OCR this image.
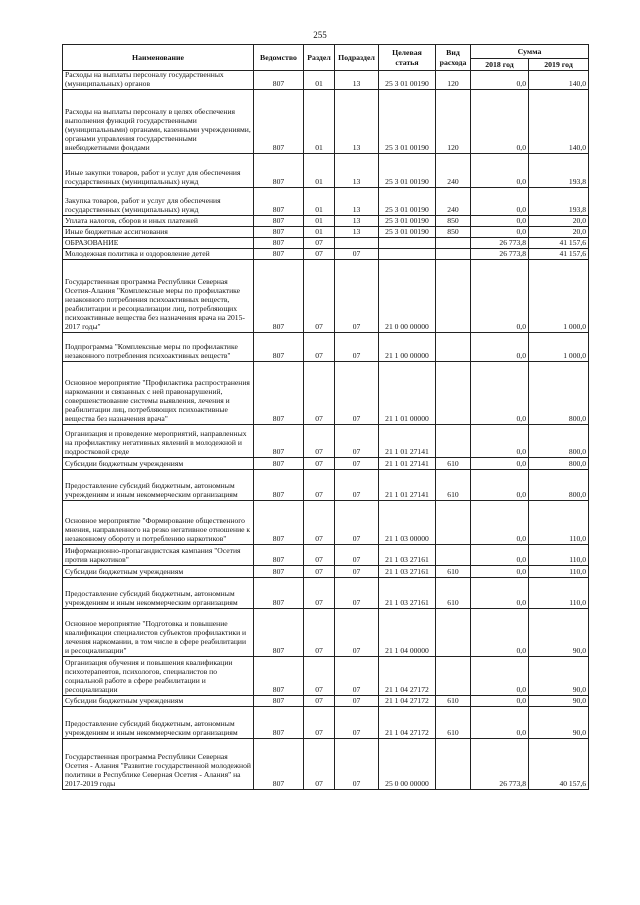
255
Наименование	Ведомство	Раздел	Подраздел	Целевая статья	Вид расхода	Сумма	
						2018 год	2019 год
Расходы на выплаты персоналу государственных (муниципальных) органов	807	01	13	25 3 01 00190	120	0,0	140,0
Расходы на выплаты персоналу в целях обеспечения выполнения функций государственными (муниципальными) органами, казенными учреждениями, органами управления государственными внебюджетными фондами	807	01	13	25 3 01 00190	120	0,0	140,0
Иные закупки товаров, работ и услуг для обеспечения государственных (муниципальных) нужд	807	01	13	25 3 01 00190	240	0,0	193,8
Закупка товаров, работ и услуг для обеспечения государственных (муниципальных) нужд	807	01	13	25 3 01 00190	240	0,0	193,8
Уплата налогов, сборов и иных платежей	807	01	13	25 3 01 00190	850	0,0	20,0
Иные бюджетные ассигнования	807	01	13	25 3 01 00190	850	0,0	20,0
ОБРАЗОВАНИЕ	807	07				26 773,8	41 157,6
Молодежная политика и оздоровление детей	807	07	07			26 773,8	41 157,6
Государственная программа Республики Северная Осетия-Алания "Комплексные меры по профилактике незаконного потребления психоактивных веществ, реабилитации и ресоциализации лиц, потребляющих психоактивные вещества без назначения врача на 2015-2017 годы"	807	07	07	21 0 00 00000		0,0	1 000,0
Подпрограмма "Комплексные меры по профилактике незаконного потребления психоактивных веществ"	807	07	07	21 1 00 00000		0,0	1 000,0
Основное мероприятие "Профилактика распространения наркомании и связанных с ней правонарушений, совершенствование системы выявления, лечения и реабилитации лиц, потребляющих психоактивные вещества без назначения врача"	807	07	07	21 1 01 00000		0,0	800,0
Организация и проведение мероприятий, направленных на профилактику негативных явлений в молодежной и подростковой среде	807	07	07	21 1 01 27141		0,0	800,0
Субсидии бюджетным учреждениям	807	07	07	21 1 01 27141	610	0,0	800,0
Предоставление субсидий бюджетным, автономным учреждениям и иным некоммерческим организациям	807	07	07	21 1 01 27141	610	0,0	800,0
Основное мероприятие "Формирование общественного мнения, направленного на резко негативное отношение к незаконному обороту и потреблению наркотиков"	807	07	07	21 1 03 00000		0,0	110,0
Информационно-пропагандистская кампания "Осетия против наркотиков"	807	07	07	21 1 03 27161		0,0	110,0
Субсидии бюджетным учреждениям	807	07	07	21 1 03 27161	610	0,0	110,0
Предоставление субсидий бюджетным, автономным учреждениям и иным некоммерческим организациям	807	07	07	21 1 03 27161	610	0,0	110,0
Основное мероприятие "Подготовка и повышение квалификации специалистов субъектов профилактики и лечения наркомании, в том числе в сфере реабилитации и ресоциализации"	807	07	07	21 1 04 00000		0,0	90,0
Организация обучения и повышения квалификации психотерапевтов, психологов, специалистов по социальной работе в сфере реабилитации и ресоциализации	807	07	07	21 1 04 27172		0,0	90,0
Субсидии бюджетным учреждениям	807	07	07	21 1 04 27172	610	0,0	90,0
Предоставление субсидий бюджетным, автономным учреждениям и иным некоммерческим организациям	807	07	07	21 1 04 27172	610	0,0	90,0
Государственная программа Республики Северная Осетия - Алания "Развитие государственной молодежной политики в Республике Северная Осетия - Алания" на 2017-2019 годы	807	07	07	25 0 00 00000		26 773,8	40 157,6
